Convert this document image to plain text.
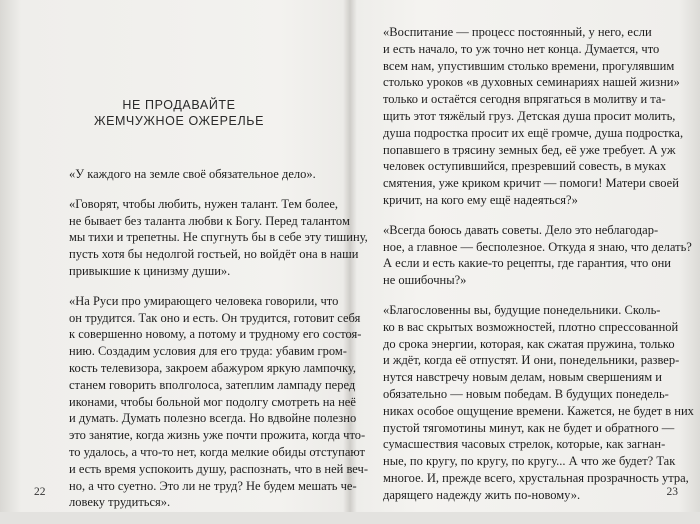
НЕ ПРОДАВАЙТЕ
ЖЕМЧУЖНОЕ ОЖЕРЕЛЬЕ

«У каждого на земле своё обязательное дело».

«Говорят, чтобы любить, нужен талант. Тем более,
не бывает без таланта любви к Богу. Перед талантом
мы тихи и трепетны. Не спугнуть бы в себе эту тишину,
пусть хотя бы недолгой гостьей, но войдёт она в наши
привыкшие к цинизму души».

«На Руси про умирающего человека говорили, что
он трудится. Так оно и есть. Он трудится, готовит себя
к совершенно новому, а потому и трудному его состоя-
нию. Создадим условия для его труда: убавим гром-
кость телевизора, закроем абажуром яркую лампочку,
станем говорить вполголоса, затеплим лампаду перед
иконами, чтобы больной мог подолгу смотреть на неё
и думать. Думать полезно всегда. Но вдвойне полезно
это занятие, когда жизнь уже почти прожита, когда что-
то удалось, а что-то нет, когда мелкие обиды отступают
и есть время успокоить душу, распознать, что в ней веч-
но, а что суетно. Это ли не труд? Не будем мешать че-
ловеку трудиться».

22

«Воспитание — процесс постоянный, у него, если
и есть начало, то уж точно нет конца. Думается, что
всем нам, упустившим столько времени, прогулявшим
столько уроков «в духовных семинариях нашей жизни»
только и остаётся сегодня впрягаться в молитву и та-
щить этот тяжёлый груз. Детская душа просит молить,
душа подростка просит их ещё громче, душа подростка,
попавшего в трясину земных бед, её уже требует. А уж
человек оступившийся, презревший совесть, в муках
смятения, уже криком кричит — помоги! Матери своей
кричит, на кого ему ещё надеяться?»

«Всегда боюсь давать советы. Дело это неблагодар-
ное, а главное — бесполезное. Откуда я знаю, что делать?
А если и есть какие-то рецепты, где гарантия, что они
не ошибочны?»

«Благословенны вы, будущие понедельники. Сколь-
ко в вас скрытых возможностей, плотно спрессованной
до срока энергии, которая, как сжатая пружина, только
и ждёт, когда её отпустят. И они, понедельники, развер-
нутся навстречу новым делам, новым свершениям и
обязательно — новым победам. В будущих понедель-
никах особое ощущение времени. Кажется, не будет в них
пустой тягомотины минут, как не будет и обратного —
сумасшествия часовых стрелок, которые, как загнан-
ные, по кругу, по кругу, по кругу... А что же будет? Так
многое. И, прежде всего, хрустальная прозрачность утра,
дарящего надежду жить по-новому».	23
